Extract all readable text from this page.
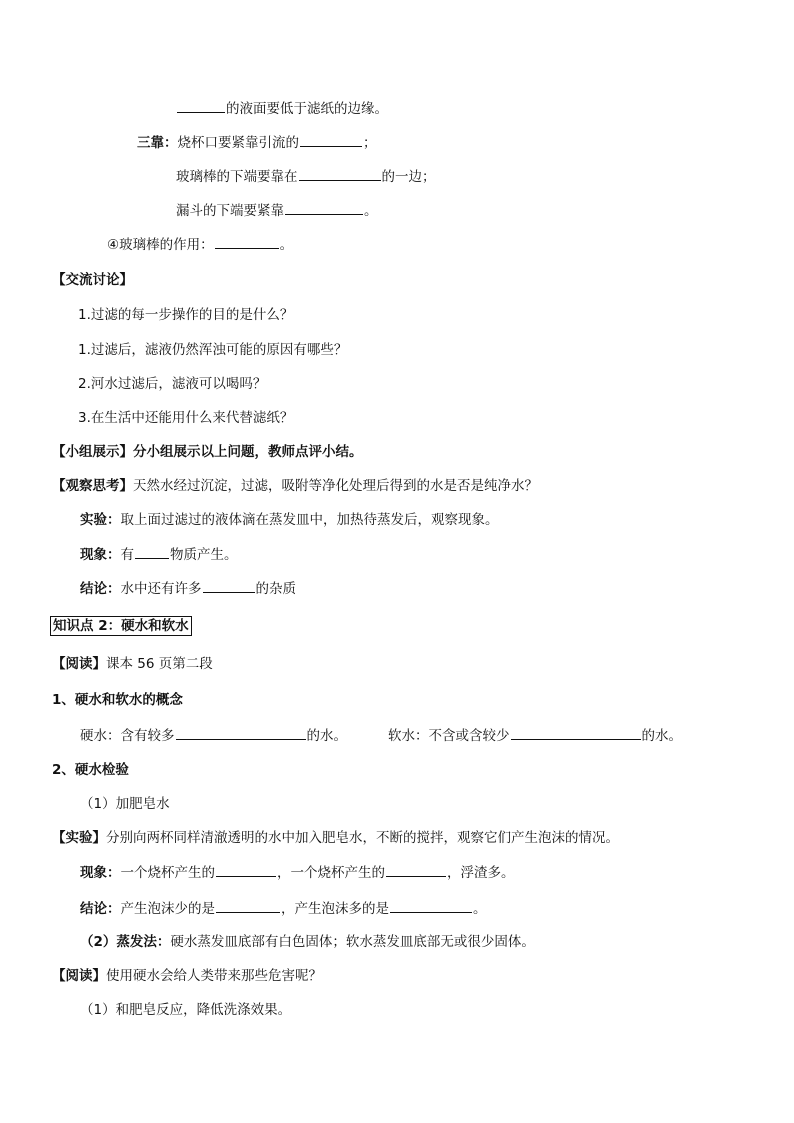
的液面要低于滤纸的边缘。
三靠：烧杯口要紧靠引流的	；
玻璃棒的下端要靠在	的一边；
漏斗的下端要紧靠	。
④玻璃棒的作用：	。
【交流讨论】
1.过滤的每一步操作的目的是什么？
1.过滤后，滤液仍然浑浊可能的原因有哪些？
2.河水过滤后，滤液可以喝吗？
3.在生活中还能用什么来代替滤纸？
【小组展示】分小组展示以上问题，教师点评小结。
【观察思考】天然水经过沉淀，过滤，吸附等净化处理后得到的水是否是纯净水？
实验：取上面过滤过的液体滴在蒸发皿中，加热待蒸发后，观察现象。
现象：有	物质产生。
结论：水中还有许多	的杂质
知识点 2：硬水和软水
【阅读】课本 56 页第二段
1、硬水和软水的概念
硬水：含有较多	的水。	软水：不含或含较少	的水。
2、硬水检验
（1）加肥皂水
【实验】分别向两杯同样清澈透明的水中加入肥皂水，不断的搅拌，观察它们产生泡沫的情况。
现象：一个烧杯产生的	，一个烧杯产生的	，浮渣多。
结论：产生泡沫少的是	，产生泡沫多的是	。
（2）蒸发法：硬水蒸发皿底部有白色固体；软水蒸发皿底部无或很少固体。
【阅读】使用硬水会给人类带来那些危害呢？
（1）和肥皂反应，降低洗涤效果。
